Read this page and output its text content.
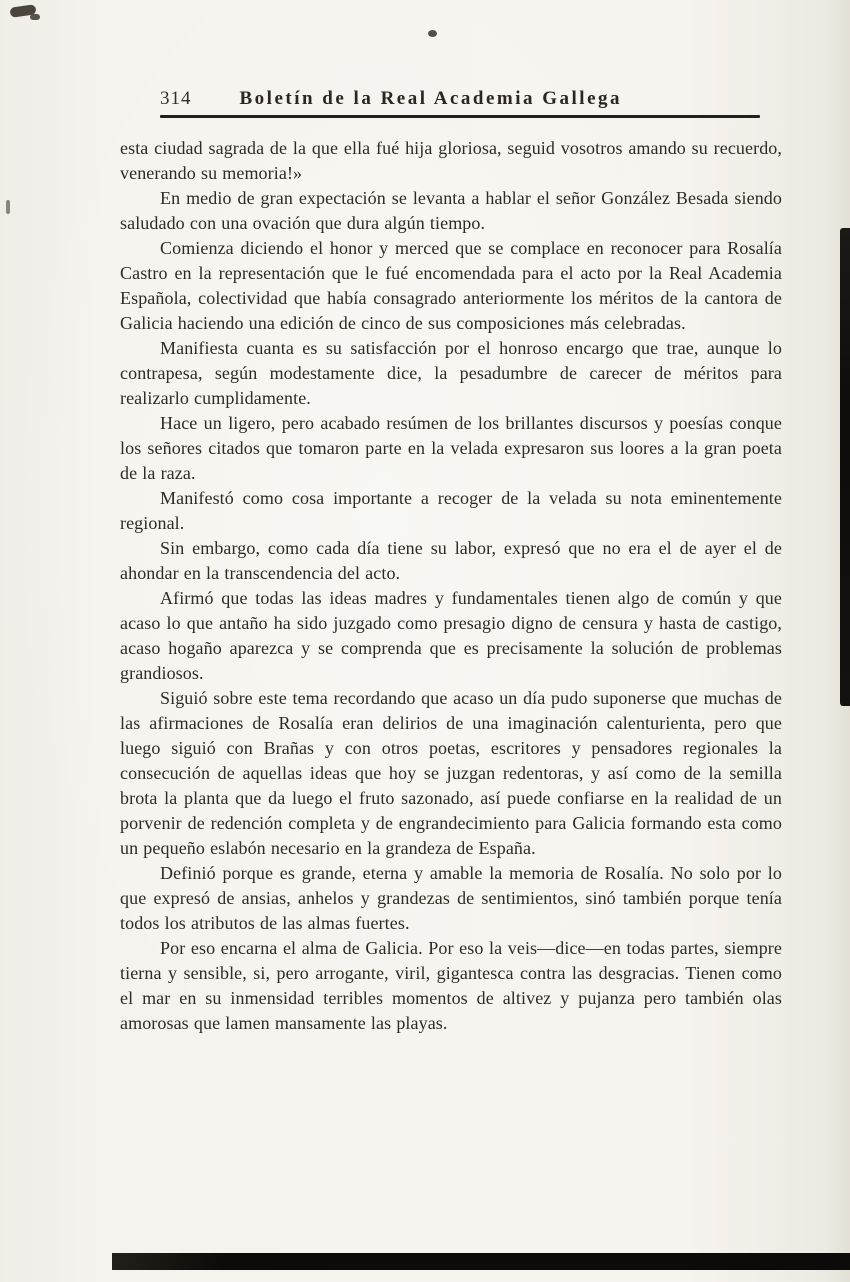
314	Boletín de la Real Academia Gallega

esta ciudad sagrada de la que ella fué hija gloriosa, seguid vosotros amando su recuerdo, venerando su memoria!»

En medio de gran expectación se levanta a hablar el señor González Besada siendo saludado con una ovación que dura algún tiempo.

Comienza diciendo el honor y merced que se complace en reconocer para Rosalía Castro en la representación que le fué encomendada para el acto por la Real Academia Española, colectividad que había consagrado anteriormente los méritos de la cantora de Galicia haciendo una edición de cinco de sus composiciones más celebradas.

Manifiesta cuanta es su satisfacción por el honroso encargo que trae, aunque lo contrapesa, según modestamente dice, la pesadumbre de carecer de méritos para realizarlo cumplidamente.

Hace un ligero, pero acabado resúmen de los brillantes discursos y poesías conque los señores citados que tomaron parte en la velada expresaron sus loores a la gran poeta de la raza.

Manifestó como cosa importante a recoger de la velada su nota eminentemente regional.

Sin embargo, como cada día tiene su labor, expresó que no era el de ayer el de ahondar en la transcendencia del acto.

Afirmó que todas las ideas madres y fundamentales tienen algo de común y que acaso lo que antaño ha sido juzgado como presagio digno de censura y hasta de castigo, acaso hogaño aparezca y se comprenda que es precisamente la solución de problemas grandiosos.

Siguió sobre este tema recordando que acaso un día pudo suponerse que muchas de las afirmaciones de Rosalía eran delirios de una imaginación calenturienta, pero que luego siguió con Brañas y con otros poetas, escritores y pensadores regionales la consecución de aquellas ideas que hoy se juzgan redentoras, y así como de la semilla brota la planta que da luego el fruto sazonado, así puede confiarse en la realidad de un porvenir de redención completa y de engrandecimiento para Galicia formando esta como un pequeño eslabón necesario en la grandeza de España.

Definió porque es grande, eterna y amable la memoria de Rosalía. No solo por lo que expresó de ansias, anhelos y grandezas de sentimientos, sinó también porque tenía todos los atributos de las almas fuertes.

Por eso encarna el alma de Galicia. Por eso la veis—dice—en todas partes, siempre tierna y sensible, si, pero arrogante, viril, gigantesca contra las desgracias. Tienen como el mar en su inmensidad terribles momentos de altivez y pujanza pero también olas amorosas que lamen mansamente las playas.
